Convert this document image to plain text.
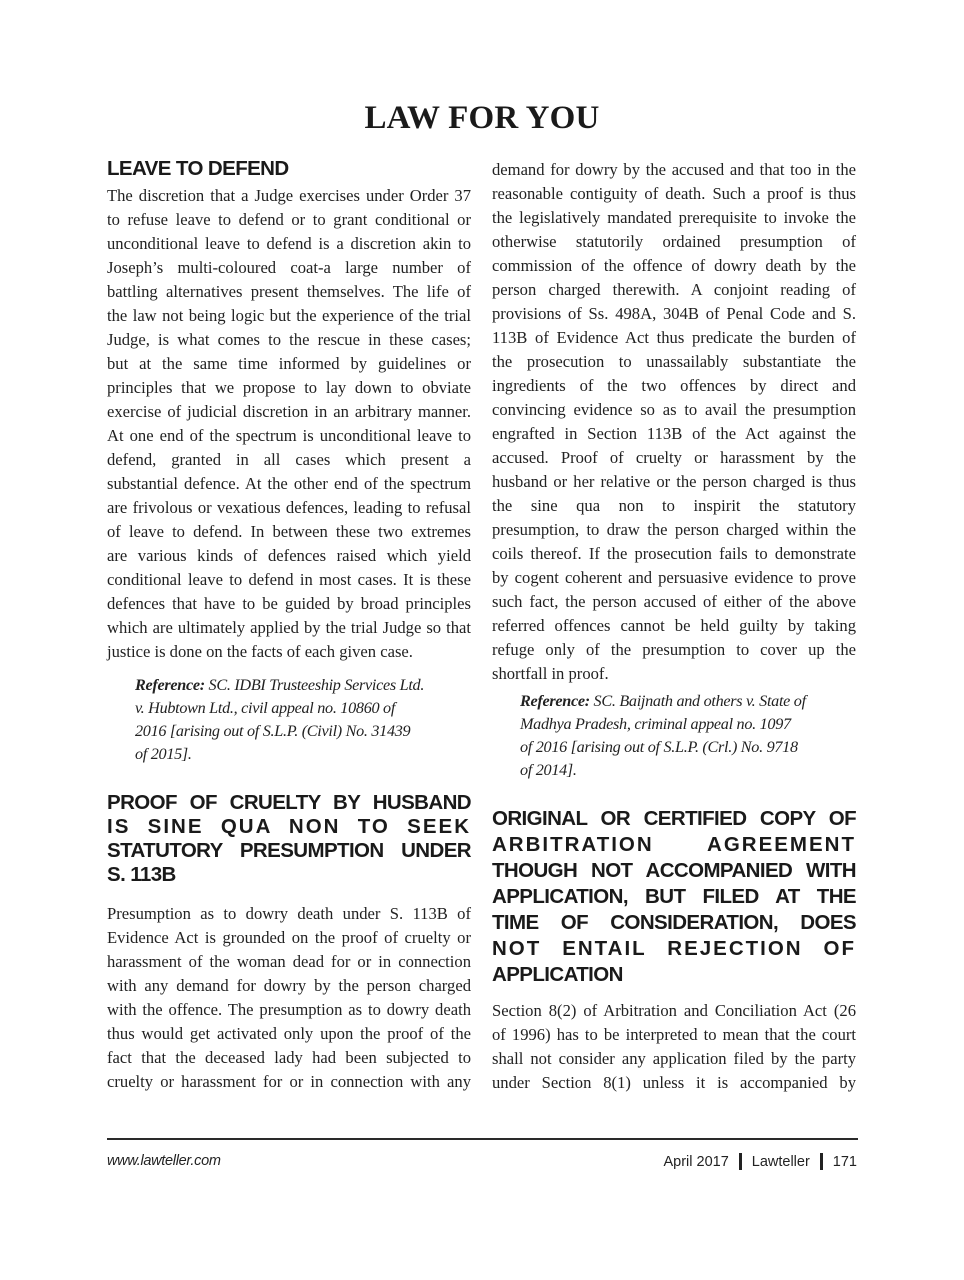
LAW FOR YOU
LEAVE TO DEFEND
The discretion that a Judge exercises under Order 37
to refuse leave to defend or to grant conditional or
unconditional leave to defend is a discretion akin to
Joseph’s multi-coloured coat-a large number of
battling alternatives present themselves. The life of
the law not being logic but the experience of the trial
Judge, is what comes to the rescue in these cases;
but at the same time informed by guidelines or
principles that we propose to lay down to obviate
exercise of judicial discretion in an arbitrary manner.
At one end of the spectrum is unconditional leave to
defend, granted in all cases which present a
substantial defence. At the other end of the spectrum
are frivolous or vexatious defences, leading to refusal
of leave to defend. In between these two extremes
are various kinds of defences raised which yield
conditional leave to defend in most cases. It is these
defences that have to be guided by broad principles
which are ultimately applied by the trial Judge so that
justice is done on the facts of each given case.
Reference: SC. IDBI Trusteeship Services Ltd.
v. Hubtown Ltd., civil appeal no. 10860 of
2016 [arising out of S.L.P. (Civil) No. 31439
of 2015].
PROOF OF CRUELTY BY HUSBAND
IS SINE QUA NON TO SEEK
STATUTORY PRESUMPTION UNDER
S. 113B
Presumption as to dowry death under S. 113B of
Evidence Act is grounded on the proof of cruelty or
harassment of the woman dead for or in connection
with any demand for dowry by the person charged
with the offence. The presumption as to dowry death
thus would get activated only upon the proof of the
fact that the deceased lady had been subjected to
cruelty or harassment for or in connection with any
demand for dowry by the accused and that too in the
reasonable contiguity of death. Such a proof is thus
the legislatively mandated prerequisite to invoke the
otherwise statutorily ordained presumption of
commission of the offence of dowry death by the
person charged therewith. A conjoint reading of
provisions of Ss. 498A, 304B of Penal Code and S.
113B of Evidence Act thus predicate the burden of
the prosecution to unassailably substantiate the
ingredients of the two offences by direct and
convincing evidence so as to avail the presumption
engrafted in Section 113B of the Act against the
accused. Proof of cruelty or harassment by the
husband or her relative or the person charged is thus
the sine qua non to inspirit the statutory
presumption, to draw the person charged within the
coils thereof. If the prosecution fails to demonstrate
by cogent coherent and persuasive evidence to prove
such fact, the person accused of either of the above
referred offences cannot be held guilty by taking
refuge only of the presumption to cover up the
shortfall in proof.
Reference: SC. Baijnath and others v. State of
Madhya Pradesh, criminal appeal no. 1097
of 2016 [arising out of S.L.P. (Crl.) No. 9718
of 2014].
ORIGINAL OR CERTIFIED COPY OF
ARBITRATION AGREEMENT
THOUGH NOT ACCOMPANIED WITH
APPLICATION, BUT FILED AT THE
TIME OF CONSIDERATION, DOES
NOT ENTAIL REJECTION OF
APPLICATION
Section 8(2) of Arbitration and Conciliation Act (26
of 1996) has to be interpreted to mean that the court
shall not consider any application filed by the party
under Section 8(1) unless it is accompanied by
www.lawteller.com	April 2017 Lawteller 171
